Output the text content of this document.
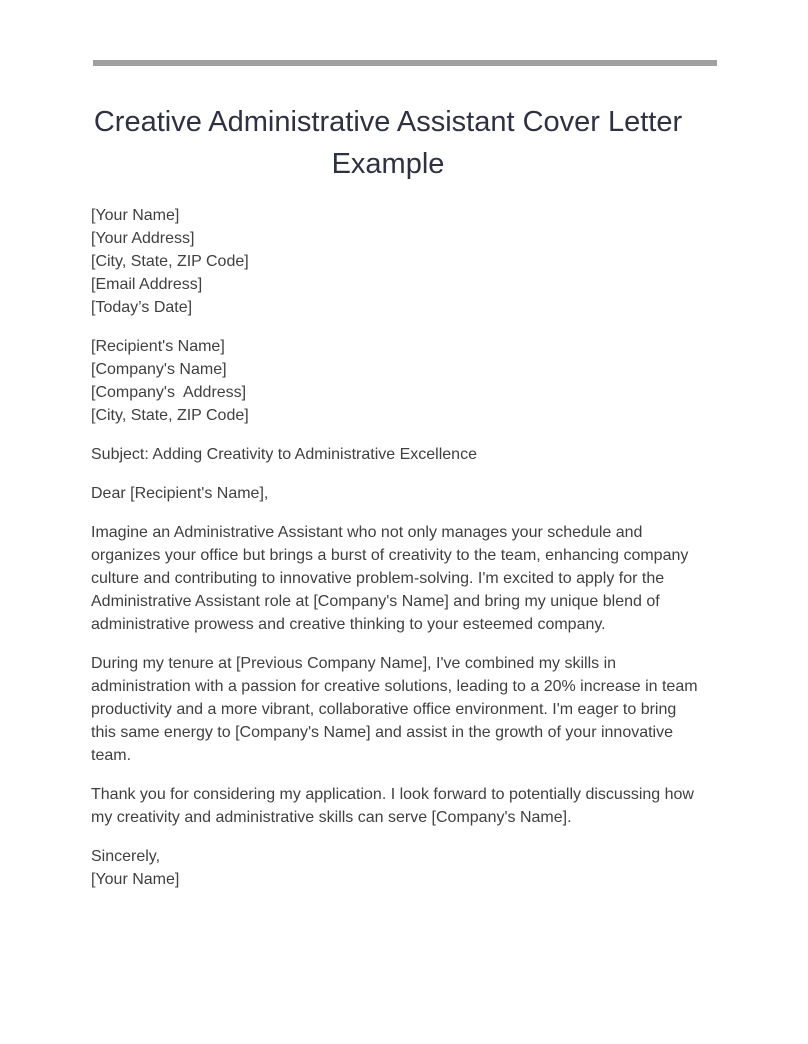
Creative Administrative Assistant Cover Letter Example
[Your Name]
[Your Address]
[City, State, ZIP Code]
[Email Address]
[Today’s Date]
[Recipient's Name]
[Company's Name]
[Company's  Address]
[City, State, ZIP Code]

Subject: Adding Creativity to Administrative Excellence

Dear [Recipient's Name],

Imagine an Administrative Assistant who not only manages your schedule and organizes your office but brings a burst of creativity to the team, enhancing company culture and contributing to innovative problem-solving. I'm excited to apply for the Administrative Assistant role at [Company's Name] and bring my unique blend of administrative prowess and creative thinking to your esteemed company.

During my tenure at [Previous Company Name], I've combined my skills in administration with a passion for creative solutions, leading to a 20% increase in team productivity and a more vibrant, collaborative office environment. I'm eager to bring this same energy to [Company's Name] and assist in the growth of your innovative team.

Thank you for considering my application. I look forward to potentially discussing how my creativity and administrative skills can serve [Company's Name].

Sincerely,
[Your Name]
